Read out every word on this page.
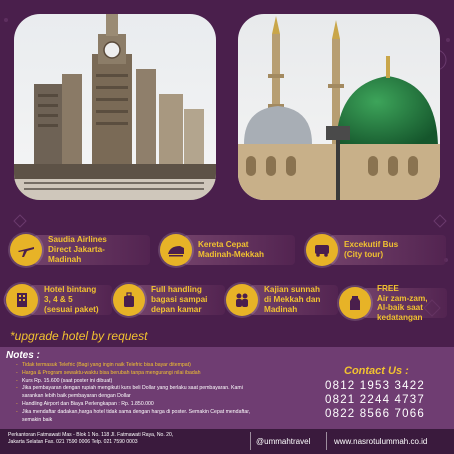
Saudia Airlines
Direct Jakarta-
Madinah
Kereta Cepat
Madinah-Mekkah
Excekutif Bus
(City tour)
Hotel bintang
3, 4 & 5
(sesuai paket)
Full handling
bagasi sampai
depan kamar
Kajian sunnah
di Mekkah dan
Madinah
FREE
Air zam-zam,
Al-baik saat
kedatangan
*upgrade hotel by request
Notes :
- Tidak termasuk Telefric (Bagi yang ingin naik Telefric bisa bayar ditempat)
- Harga & Program sewaktu-waktu bisa berubah tanpa mengurangi nilai ibadah
- Kurs Rp. 15.600 (saat poster ini dibuat)
- Jika pembayaran dengan rupiah mengikuti kurs beli Dollar yang berlaku saat pembayaran. Kami sarankan lebih baik pembayaran dengan Dollar
- Handling Airport dan Biaya Perlengkapan : Rp. 1.850.000
- Jika mendaftar dadakan,harga hotel tidak sama dengan harga di poster. Semakin Cepat mendaftar, semakin baik
Contact Us :
0812 1953 3422
0821 2244 4737
0822 8566 7066
Perkantoran Fatmawati Mas - Blok 1 No. 118 Jl. Fatmawati Raya, No. 20,
Jakarta Selatan Fax. 021 7590 0006 Telp. 021 7590 0003	@ummahtravel	www.nasrotulummah.co.id
